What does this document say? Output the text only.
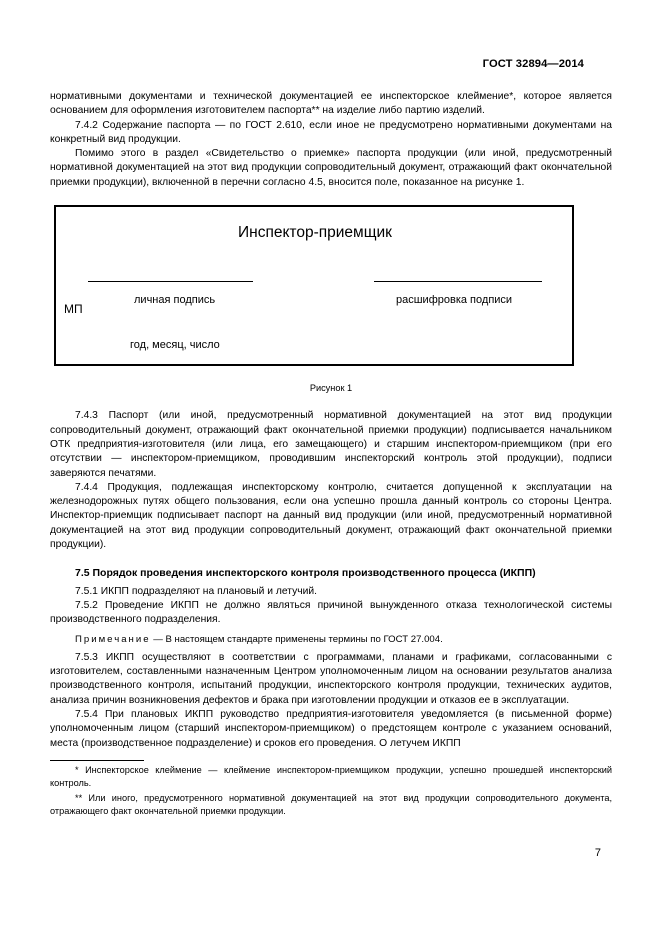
ГОСТ 32894—2014

нормативными документами и технической документацией ее инспекторское клеймение*, которое является основанием для оформления изготовителем паспорта** на изделие либо партию изделий.

7.4.2 Содержание паспорта — по ГОСТ 2.610, если иное не предусмотрено нормативными документами на конкретный вид продукции.

Помимо этого в раздел «Свидетельство о приемке» паспорта продукции (или иной, предусмотренный нормативной документацией на этот вид продукции сопроводительный документ, отражающий факт окончательной приемки продукции), включенной в перечни согласно 4.5, вносится поле, показанное на рисунке 1.

Инспектор-приемщик
личная подпись	расшифровка подписи
МП
год, месяц, число
Рисунок 1

7.4.3 Паспорт (или иной, предусмотренный нормативной документацией на этот вид продукции сопроводительный документ, отражающий факт окончательной приемки продукции) подписывается начальником ОТК предприятия-изготовителя (или лица, его замещающего) и старшим инспектором-приемщиком (при его отсутствии — инспектором-приемщиком, проводившим инспекторский контроль этой продукции), подписи заверяются печатями.

7.4.4 Продукция, подлежащая инспекторскому контролю, считается допущенной к эксплуатации на железнодорожных путях общего пользования, если она успешно прошла данный контроль со стороны Центра. Инспектор-приемщик подписывает паспорт на данный вид продукции (или иной, предусмотренный нормативной документацией на этот вид продукции сопроводительный документ, отражающий факт окончательной приемки продукции).

7.5 Порядок проведения инспекторского контроля производственного процесса (ИКПП)

7.5.1 ИКПП подразделяют на плановый и летучий.

7.5.2 Проведение ИКПП не должно являться причиной вынужденного отказа технологической системы производственного подразделения.

Примечание — В настоящем стандарте применены термины по ГОСТ 27.004.

7.5.3 ИКПП осуществляют в соответствии с программами, планами и графиками, согласованными с изготовителем, составленными назначенным Центром уполномоченным лицом на основании результатов анализа производственного контроля, испытаний продукции, инспекторского контроля продукции, технических аудитов, анализа причин возникновения дефектов и брака при изготовлении продукции и отказов ее в эксплуатации.

7.5.4 При плановых ИКПП руководство предприятия-изготовителя уведомляется (в письменной форме) уполномоченным лицом (старший инспектором-приемщиком) о предстоящем контроле с указанием оснований, места (производственное подразделение) и сроков его проведения. О летучем ИКПП

* Инспекторское клеймение — клеймение инспектором-приемщиком продукции, успешно прошедшей инспекторский контроль.

** Или иного, предусмотренного нормативной документацией на этот вид продукции сопроводительного документа, отражающего факт окончательной приемки продукции.

7
